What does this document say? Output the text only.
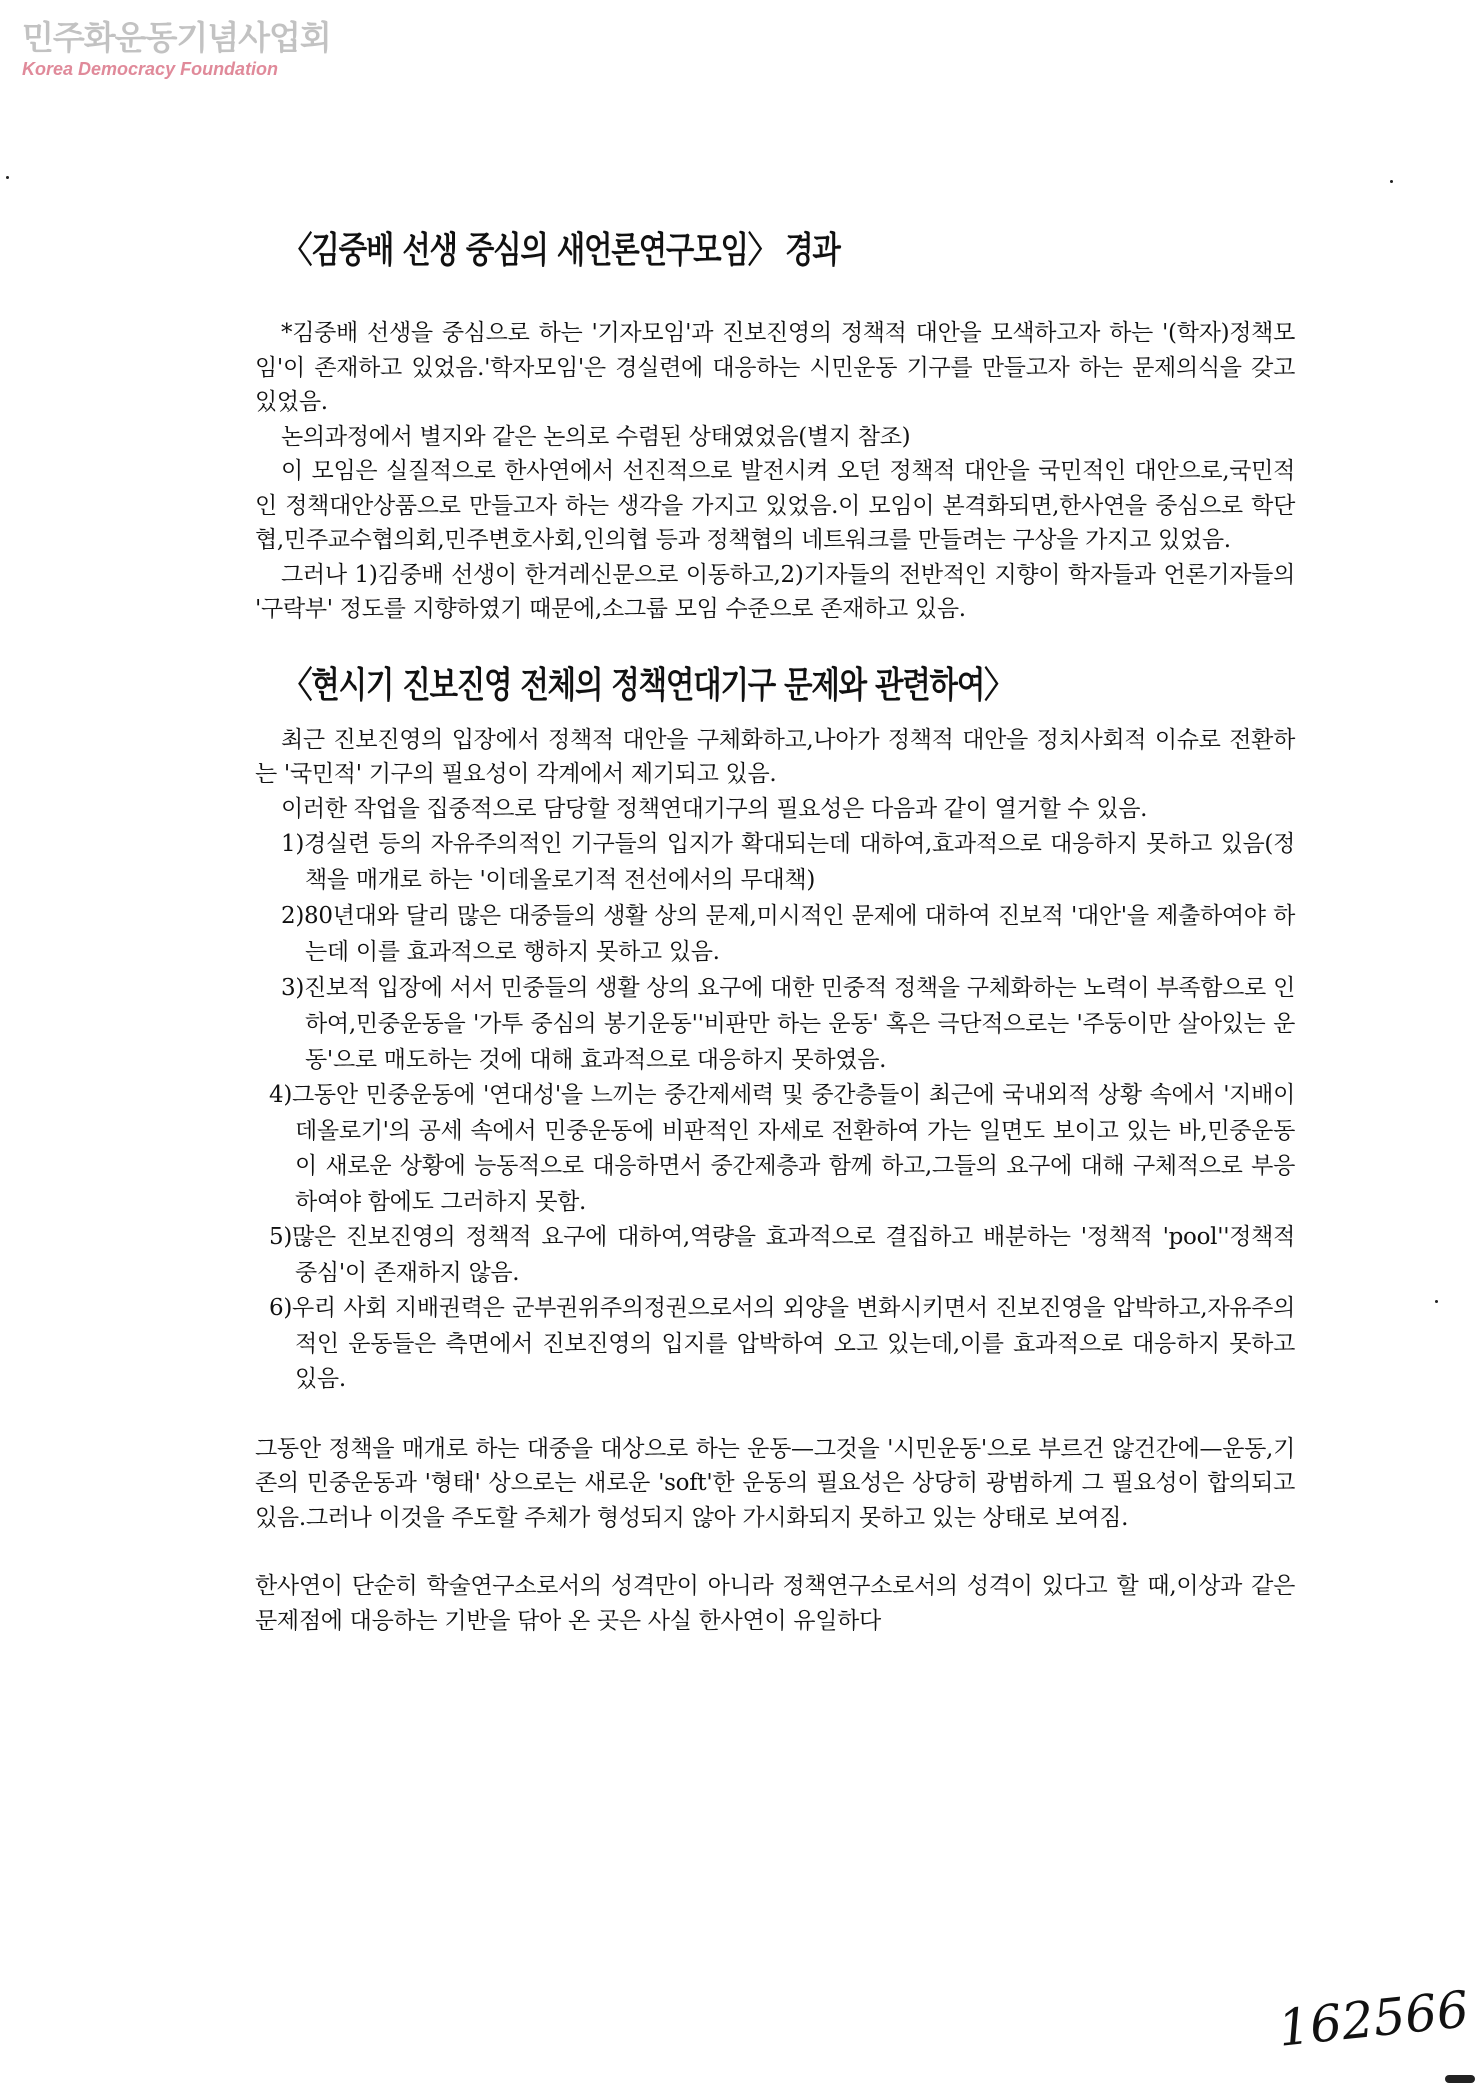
민주화운동기념사업회
Korea Democracy Foundation
〈김중배 선생 중심의 새언론연구모임〉 경과

*김중배 선생을 중심으로 하는 '기자모임'과 진보진영의 정책적 대안을 모색하고자 하는 '(학자)정책모임'이 존재하고 있었음.'학자모임'은 경실련에 대응하는 시민운동 기구를 만들고자 하는 문제의식을 갖고 있었음.

논의과정에서 별지와 같은 논의로 수렴된 상태였었음(별지 참조)

이 모임은 실질적으로 한사연에서 선진적으로 발전시켜 오던 정책적 대안을 국민적인 대안으로,국민적인 정책대안상품으로 만들고자 하는 생각을 가지고 있었음.이 모임이 본격화되면,한사연을 중심으로 학단협,민주교수협의회,민주변호사회,인의협 등과 정책협의 네트워크를 만들려는 구상을 가지고 있었음.

그러나 1)김중배 선생이 한겨레신문으로 이동하고,2)기자들의 전반적인 지향이 학자들과 언론기자들의 '구락부' 정도를 지향하였기 때문에,소그룹 모임 수준으로 존재하고 있음.

〈현시기 진보진영 전체의 정책연대기구 문제와 관련하여〉

최근 진보진영의 입장에서 정책적 대안을 구체화하고,나아가 정책적 대안을 정치사회적 이슈로 전환하는 '국민적' 기구의 필요성이 각계에서 제기되고 있음.

이러한 작업을 집중적으로 담당할 정책연대기구의 필요성은 다음과 같이 열거할 수 있음.

1)경실련 등의 자유주의적인 기구들의 입지가 확대되는데 대하여,효과적으로 대응하지 못하고 있음(정책을 매개로 하는 '이데올로기적 전선에서의 무대책)
2)80년대와 달리 많은 대중들의 생활 상의 문제,미시적인 문제에 대하여 진보적 '대안'을 제출하여야 하는데 이를 효과적으로 행하지 못하고 있음.
3)진보적 입장에 서서 민중들의 생활 상의 요구에 대한 민중적 정책을 구체화하는 노력이 부족함으로 인하여,민중운동을 '가투 중심의 봉기운동''비판만 하는 운동' 혹은 극단적으로는 '주둥이만 살아있는 운동'으로 매도하는 것에 대해 효과적으로 대응하지 못하였음.
4)그동안 민중운동에 '연대성'을 느끼는 중간제세력 및 중간층들이 최근에 국내외적 상황 속에서 '지배이데올로기'의 공세 속에서 민중운동에 비판적인 자세로 전환하여 가는 일면도 보이고 있는 바,민중운동이 새로운 상황에 능동적으로 대응하면서 중간제층과 함께 하고,그들의 요구에 대해 구체적으로 부응하여야 함에도 그러하지 못함.
5)많은 진보진영의 정책적 요구에 대하여,역량을 효과적으로 결집하고 배분하는 '정책적 'pool''정책적 중심'이 존재하지 않음.
6)우리 사회 지배권력은 군부권위주의정권으로서의 외양을 변화시키면서 진보진영을 압박하고,자유주의적인 운동들은 측면에서 진보진영의 입지를 압박하여 오고 있는데,이를 효과적으로 대응하지 못하고 있음.

그동안 정책을 매개로 하는 대중을 대상으로 하는 운동—그것을 '시민운동'으로 부르건 않건간에—운동,기존의 민중운동과 '형태' 상으로는 새로운 'soft'한 운동의 필요성은 상당히 광범하게 그 필요성이 합의되고 있음.그러나 이것을 주도할 주체가 형성되지 않아 가시화되지 못하고 있는 상태로 보여짐.

한사연이 단순히 학술연구소로서의 성격만이 아니라 정책연구소로서의 성격이 있다고 할 때,이상과 같은 문제점에 대응하는 기반을 닦아 온 곳은 사실 한사연이 유일하다

162566
